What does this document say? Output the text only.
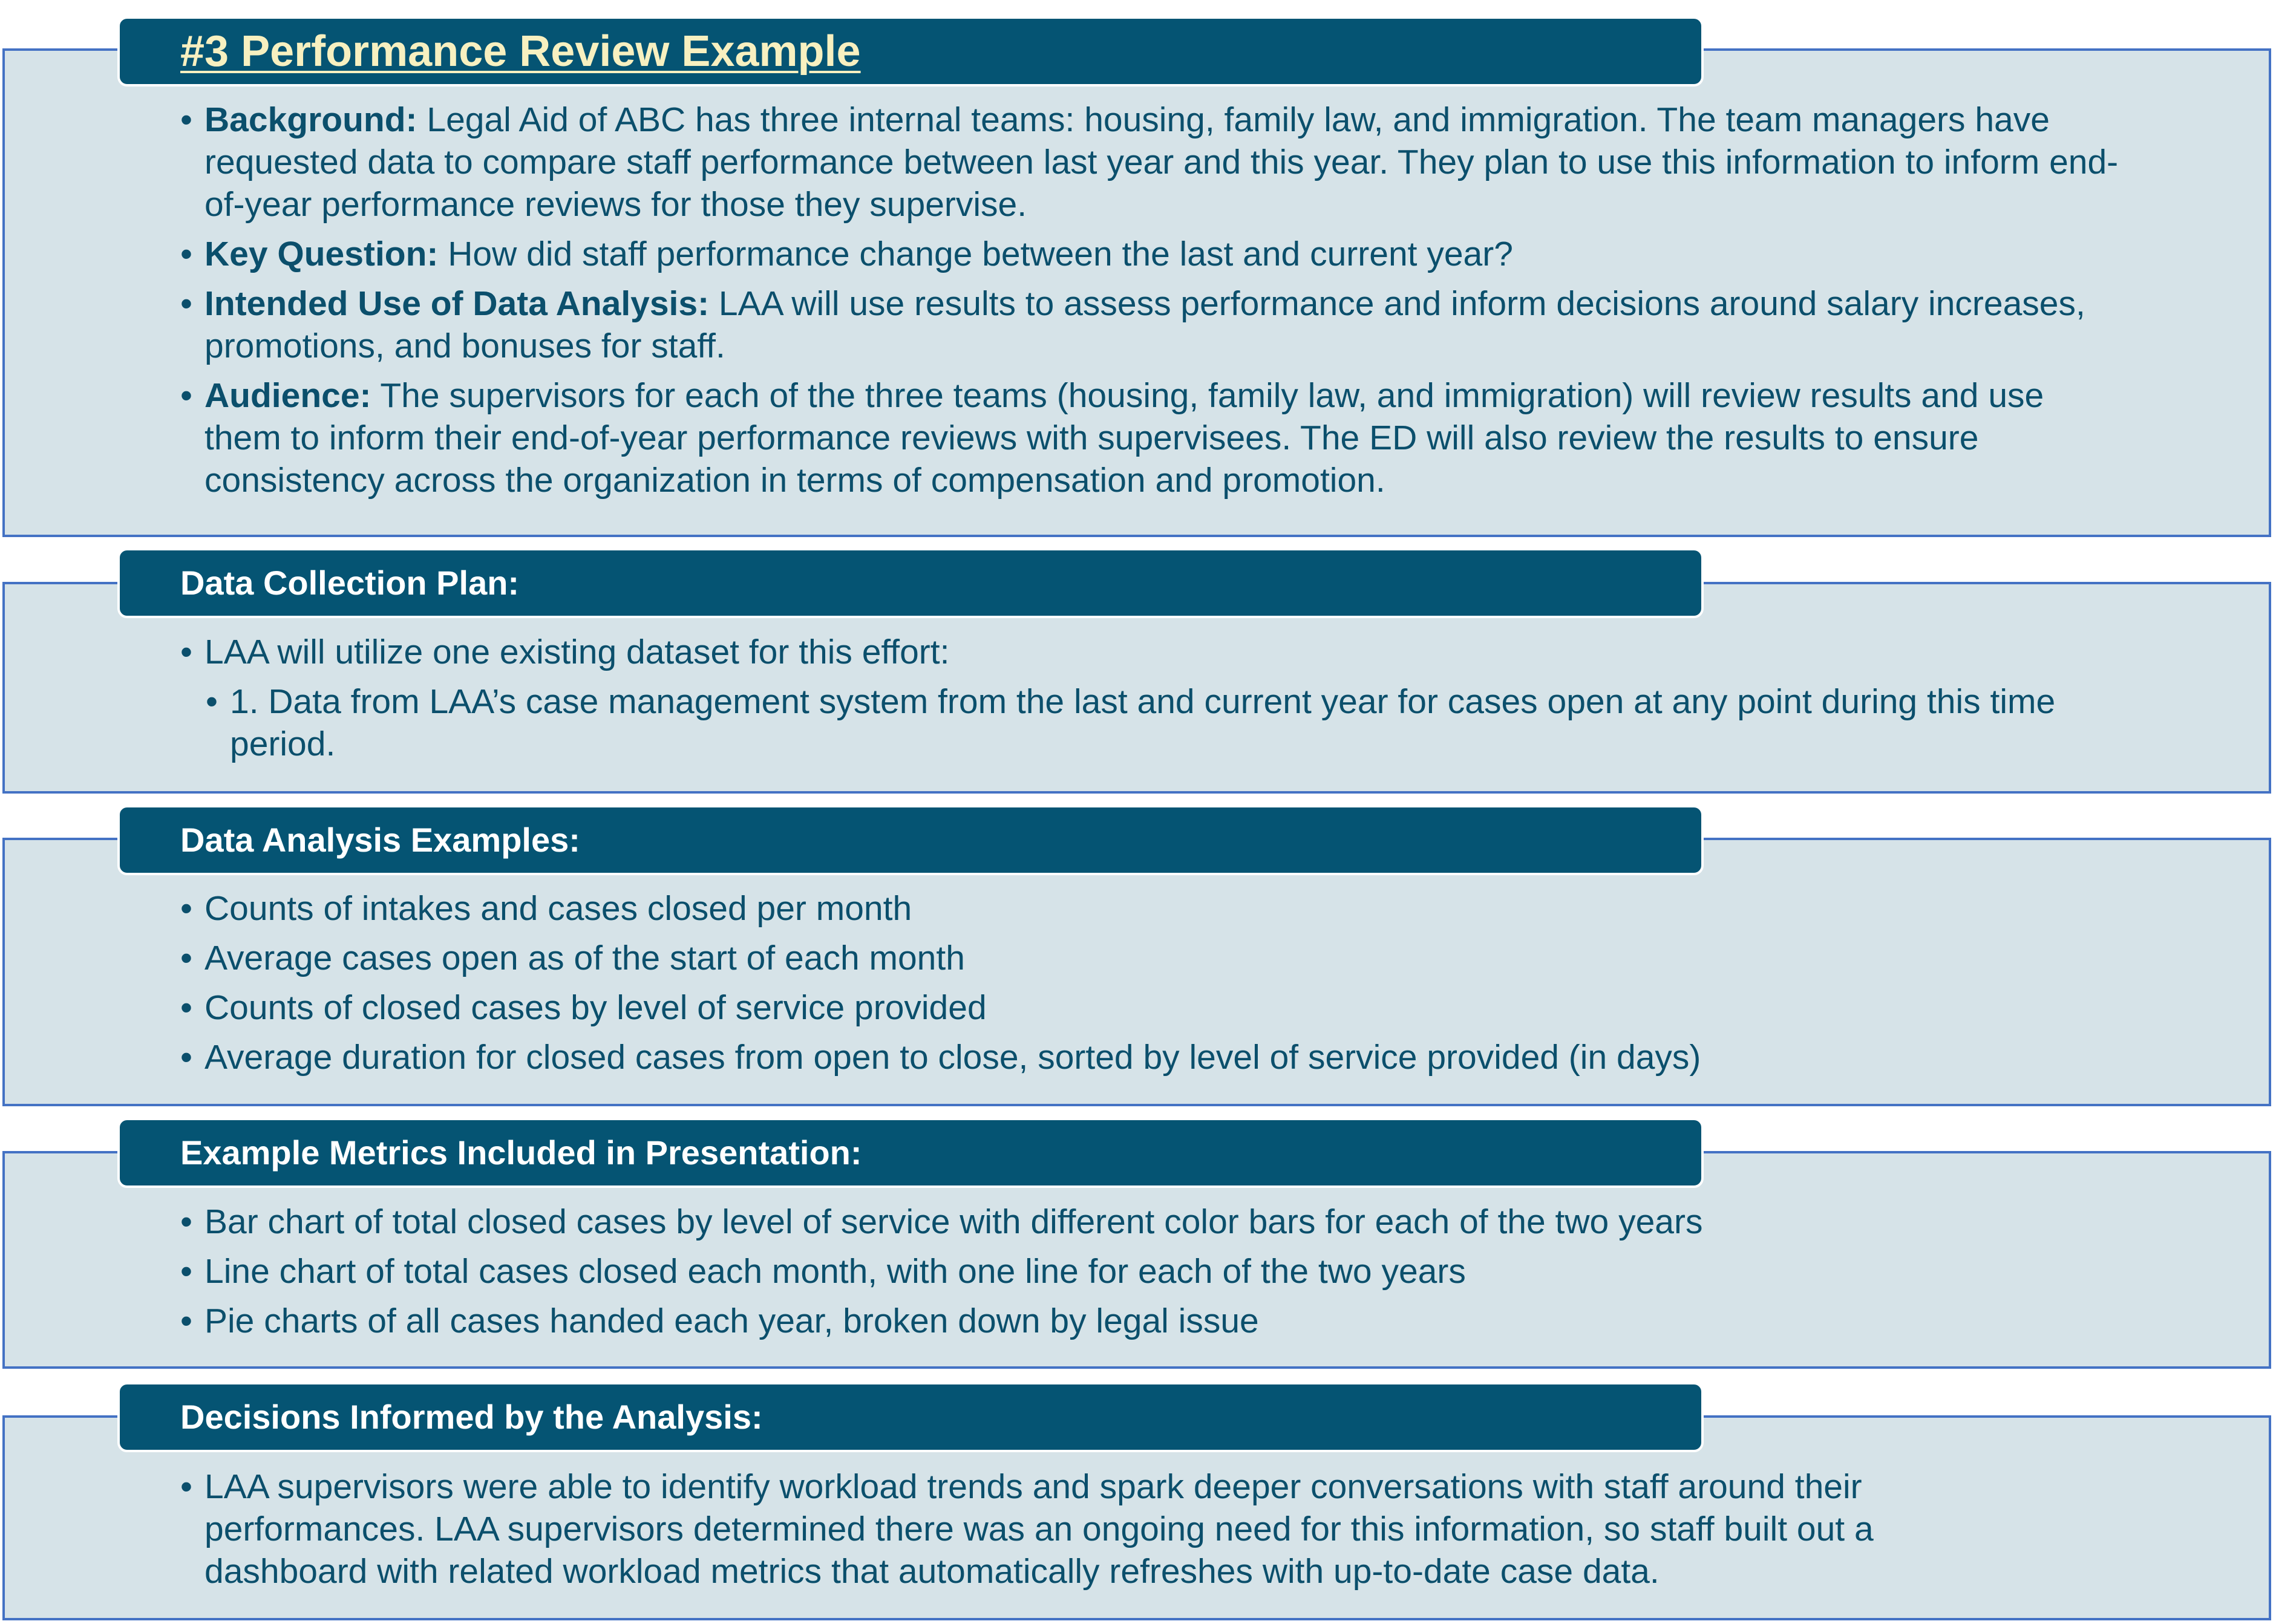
#3 Performance Review Example
• Background: Legal Aid of ABC has three internal teams: housing, family law, and immigration. The team managers have requested data to compare staff performance between last year and this year. They plan to use this information to inform end-of-year performance reviews for those they supervise.
• Key Question: How did staff performance change between the last and current year?
• Intended Use of Data Analysis: LAA will use results to assess performance and inform decisions around salary increases, promotions, and bonuses for staff.
• Audience: The supervisors for each of the three teams (housing, family law, and immigration) will review results and use them to inform their end-of-year performance reviews with supervisees. The ED will also review the results to ensure consistency across the organization in terms of compensation and promotion.
Data Collection Plan:
• LAA will utilize one existing dataset for this effort:
• 1. Data from LAA’s case management system from the last and current year for cases open at any point during this time period.
Data Analysis Examples:
• Counts of intakes and cases closed per month
• Average cases open as of the start of each month
• Counts of closed cases by level of service provided
• Average duration for closed cases from open to close, sorted by level of service provided (in days)
Example Metrics Included in Presentation:
• Bar chart of total closed cases by level of service with different color bars for each of the two years
• Line chart of total cases closed each month, with one line for each of the two years
• Pie charts of all cases handed each year, broken down by legal issue
Decisions Informed by the Analysis:
• LAA supervisors were able to identify workload trends and spark deeper conversations with staff around their performances. LAA supervisors determined there was an ongoing need for this information, so staff built out a dashboard with related workload metrics that automatically refreshes with up-to-date case data.
